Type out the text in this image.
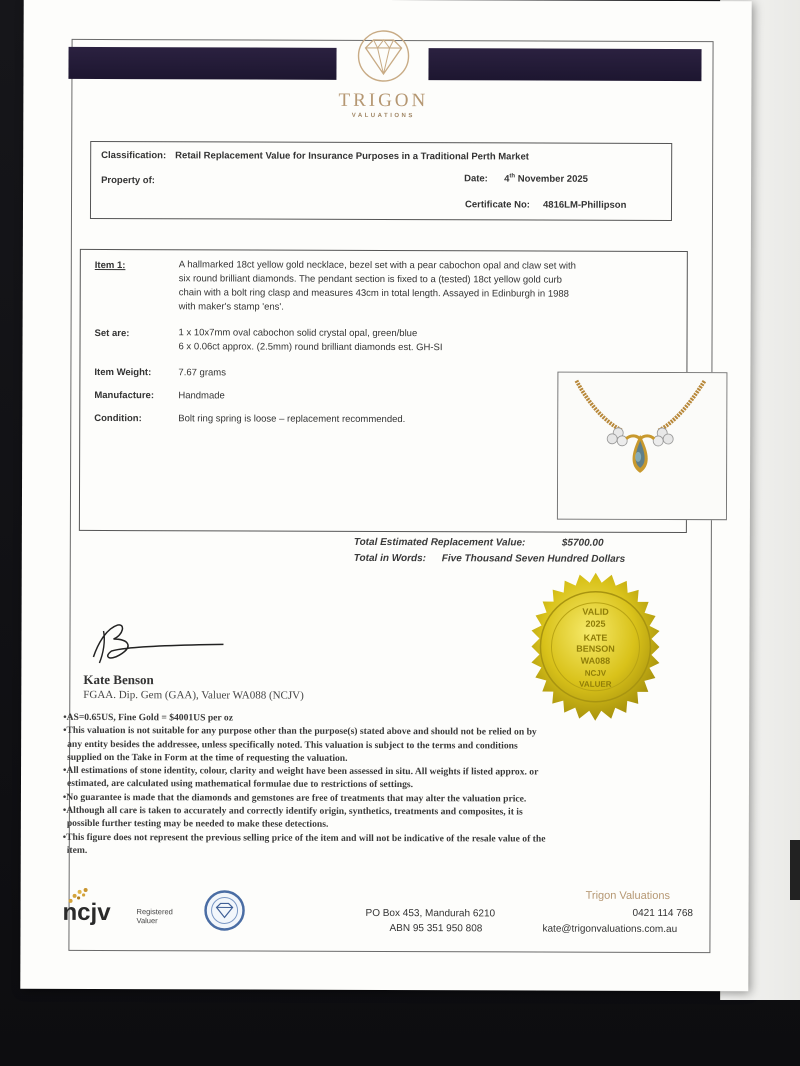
TRIGON
VALUATIONS
Classification: Retail Replacement Value for Insurance Purposes in a Traditional Perth Market
Property of:	Date: 4th November 2025
Certificate No: 4816LM-Phillipson
Item 1:	A hallmarked 18ct yellow gold necklace, bezel set with a pear cabochon opal and claw set with
six round brilliant diamonds. The pendant section is fixed to a (tested) 18ct yellow gold curb
chain with a bolt ring clasp and measures 43cm in total length. Assayed in Edinburgh in 1988
with maker's stamp 'ens'.
Set are:	1 x 10x7mm oval cabochon solid crystal opal, green/blue
6 x 0.06ct approx. (2.5mm) round brilliant diamonds est. GH-SI
Item Weight:	7.67 grams
Manufacture:	Handmade
Condition:	Bolt ring spring is loose – replacement recommended.
Total Estimated Replacement Value:	$5700.00
Total in Words: Five Thousand Seven Hundred Dollars
VALID
2025
KATE
BENSON
WA088
NCJV
VALUER
Kate Benson
FGAA. Dip. Gem (GAA), Valuer WA088 (NCJV)
•AS=0.65US, Fine Gold = $4001US per oz
•This valuation is not suitable for any purpose other than the purpose(s) stated above and should not be relied on by
any entity besides the addressee, unless specifically noted. This valuation is subject to the terms and conditions
supplied on the Take in Form at the time of requesting the valuation.
•All estimations of stone identity, colour, clarity and weight have been assessed in situ. All weights if listed approx. or
estimated, are calculated using mathematical formulae due to restrictions of settings.
•No guarantee is made that the diamonds and gemstones are free of treatments that may alter the valuation price.
•Although all care is taken to accurately and correctly identify origin, synthetics, treatments and composites, it is
possible further testing may be needed to make these detections.
•This figure does not represent the previous selling price of the item and will not be indicative of the resale value of the
item.
ncjv	Registered
Valuer
PO Box 453, Mandurah 6210
ABN 95 351 950 808
Trigon Valuations
0421 114 768
kate@trigonvaluations.com.au
